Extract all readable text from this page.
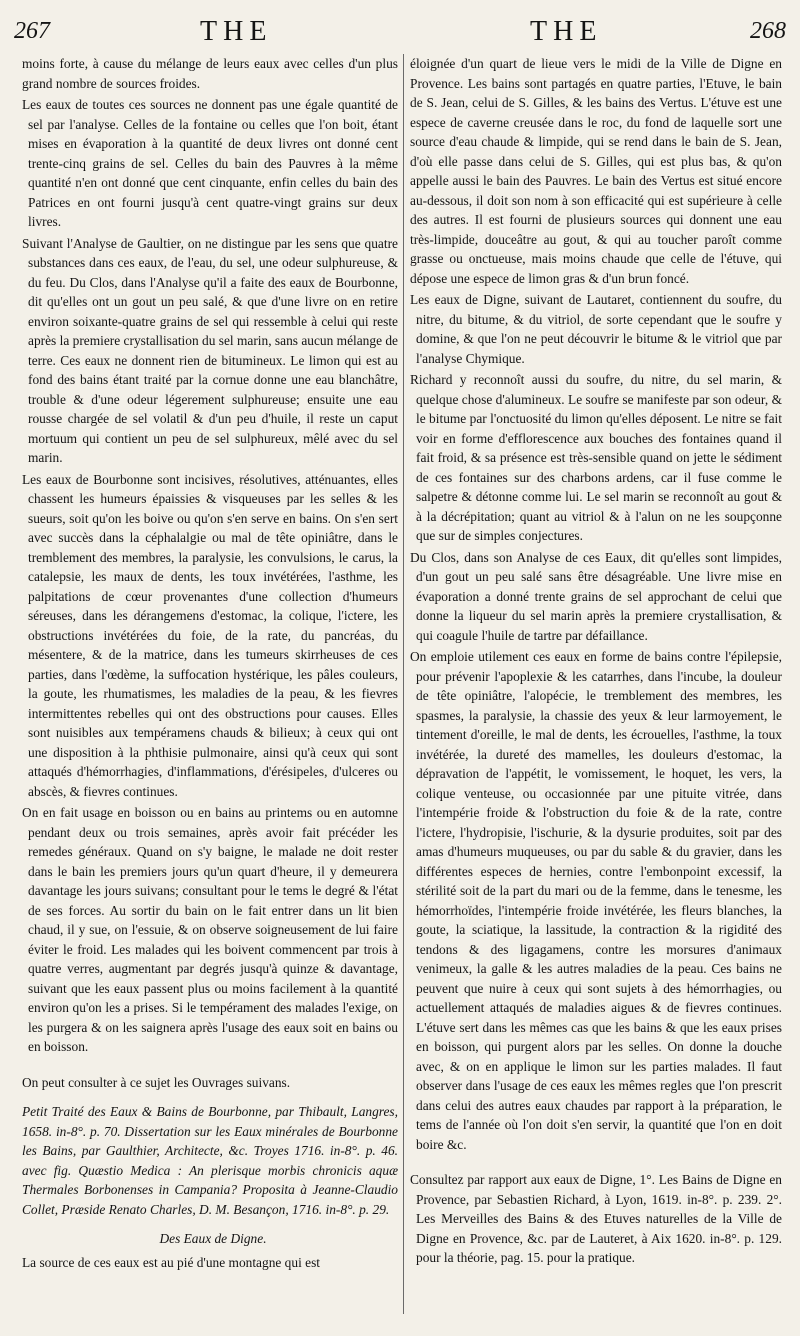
267	THE	THE	268

moins forte, à cause du mélange de leurs eaux avec celles d'un plus grand nombre de sources froides.

Les eaux de toutes ces sources ne donnent pas une égale quantité de sel par l'analyse. Celles de la fontaine ou celles que l'on boit, étant mises en évaporation à la quantité de deux livres ont donné cent trente-cinq grains de sel. Celles du bain des Pauvres à la même quantité n'en ont donné que cent cinquante, enfin celles du bain des Patrices en ont fourni jusqu'à cent quatre-vingt grains sur deux livres.

Suivant l'Analyse de Gaultier, on ne distingue par les sens que quatre substances dans ces eaux, de l'eau, du sel, une odeur sulphureuse, & du feu. Du Clos, dans l'Analyse qu'il a faite des eaux de Bourbonne, dit qu'elles ont un gout un peu salé, & que d'une livre on en retire environ soixante-quatre grains de sel qui ressemble à celui qui reste après la premiere crystallisation du sel marin, sans aucun mélange de terre. Ces eaux ne donnent rien de bitumineux. Le limon qui est au fond des bains étant traité par la cornue donne une eau blanchâtre, trouble & d'une odeur légerement sulphureuse; ensuite une eau rousse chargée de sel volatil & d'un peu d'huile, il reste un caput mortuum qui contient un peu de sel sulphureux, mêlé avec du sel marin.

Les eaux de Bourbonne sont incisives, résolutives, atténuantes, elles chassent les humeurs épaissies & visqueuses par les selles & les sueurs, soit qu'on les boive ou qu'on s'en serve en bains. On s'en sert avec succès dans la céphalalgie ou mal de tête opiniâtre, dans le tremblement des membres, la paralysie, les convulsions, le carus, la catalepsie, les maux de dents, les toux invétérées, l'asthme, les palpitations de cœur provenantes d'une collection d'humeurs séreuses, dans les dérangemens d'estomac, la colique, l'ictere, les obstructions invétérées du foie, de la rate, du pancréas, du mésentere, & de la matrice, dans les tumeurs skirrheuses de ces parties, dans l'œdème, la suffocation hystérique, les pâles couleurs, la goute, les rhumatismes, les maladies de la peau, & les fievres intermittentes rebelles qui ont des obstructions pour causes. Elles sont nuisibles aux tempéramens chauds & bilieux; à ceux qui ont une disposition à la phthisie pulmonaire, ainsi qu'à ceux qui sont attaqués d'hémorrhagies, d'inflammations, d'érésipeles, d'ulceres ou abscès, & fievres continues.

On en fait usage en boisson ou en bains au printems ou en automne pendant deux ou trois semaines, après avoir fait précéder les remedes généraux. Quand on s'y baigne, le malade ne doit rester dans le bain les premiers jours qu'un quart d'heure, il y demeurera davantage les jours suivans; consultant pour le tems le degré & l'état de ses forces. Au sortir du bain on le fait entrer dans un lit bien chaud, il y sue, on l'essuie, & on observe soigneusement de lui faire éviter le froid. Les malades qui les boivent commencent par trois à quatre verres, augmentant par degrés jusqu'à quinze & davantage, suivant que les eaux passent plus ou moins facilement à la quantité environ qu'on les a prises. Si le tempérament des malades l'exige, on les purgera & on les saignera après l'usage des eaux soit en bains ou en boisson.

On peut consulter à ce sujet les Ouvrages suivans.

Petit Traité des Eaux & Bains de Bourbonne, par Thibault, Langres, 1658. in-8°. p. 70. Dissertation sur les Eaux minérales de Bourbonne les Bains, par Gaulthier, Architecte, &c. Troyes 1716. in-8°. p. 46. avec fig. Quæstio Medica : An plerisque morbis chronicis aquæ Thermales Borbonenses in Campania? Proposita à Jeanne-Claudio Collet, Præside Renato Charles, D. M. Besançon, 1716. in-8°. p. 29.

Des Eaux de Digne.

La source de ces eaux est au pié d'une montagne qui est

éloignée d'un quart de lieue vers le midi de la Ville de Digne en Provence. Les bains sont partagés en quatre parties, l'Etuve, le bain de S. Jean, celui de S. Gilles, & les bains des Vertus. L'étuve est une espece de caverne creusée dans le roc, du fond de laquelle sort une source d'eau chaude & limpide, qui se rend dans le bain de S. Jean, d'où elle passe dans celui de S. Gilles, qui est plus bas, & qu'on appelle aussi le bain des Pauvres. Le bain des Vertus est situé encore au-dessous, il doit son nom à son efficacité qui est supérieure à celle des autres. Il est fourni de plusieurs sources qui donnent une eau très-limpide, douceâtre au gout, & qui au toucher paroît comme grasse ou onctueuse, mais moins chaude que celle de l'étuve, qui dépose une espece de limon gras & d'un brun foncé.

Les eaux de Digne, suivant de Lautaret, contiennent du soufre, du nitre, du bitume, & du vitriol, de sorte cependant que le soufre y domine, & que l'on ne peut découvrir le bitume & le vitriol que par l'analyse Chymique.

Richard y reconnoît aussi du soufre, du nitre, du sel marin, & quelque chose d'alumineux. Le soufre se manifeste par son odeur, & le bitume par l'onctuosité du limon qu'elles déposent. Le nitre se fait voir en forme d'efflorescence aux bouches des fontaines quand il fait froid, & sa présence est très-sensible quand on jette le sédiment de ces fontaines sur des charbons ardens, car il fuse comme le salpetre & détonne comme lui. Le sel marin se reconnoît au gout & à la décrépitation; quant au vitriol & à l'alun on ne les soupçonne que sur de simples conjectures.

Du Clos, dans son Analyse de ces Eaux, dit qu'elles sont limpides, d'un gout un peu salé sans être désagréable. Une livre mise en évaporation a donné trente grains de sel approchant de celui que donne la liqueur du sel marin après la premiere crystallisation, & qui coagule l'huile de tartre par défaillance.

On emploie utilement ces eaux en forme de bains contre l'épilepsie, pour prévenir l'apoplexie & les catarrhes, dans l'incube, la douleur de tête opiniâtre, l'alopécie, le tremblement des membres, les spasmes, la paralysie, la chassie des yeux & leur larmoyement, le tintement d'oreille, le mal de dents, les écrouelles, l'asthme, la toux invétérée, la dureté des mamelles, les douleurs d'estomac, la dépravation de l'appétit, le vomissement, le hoquet, les vers, la colique venteuse, ou occasionnée par une pituite vitrée, dans l'intempérie froide & l'obstruction du foie & de la rate, contre l'ictere, l'hydropisie, l'ischurie, & la dysurie produites, soit par des amas d'humeurs muqueuses, ou par du sable & du gravier, dans les différentes especes de hernies, contre l'embonpoint excessif, la stérilité soit de la part du mari ou de la femme, dans le tenesme, les hémorrhoïdes, l'intempérie froide invétérée, les fleurs blanches, la goute, la sciatique, la lassitude, la contraction & la rigidité des tendons & des ligagamens, contre les morsures d'animaux venimeux, la galle & les autres maladies de la peau. Ces bains ne peuvent que nuire à ceux qui sont sujets à des hémorrhagies, ou actuellement attaqués de maladies aigues & de fievres continues. L'étuve sert dans les mêmes cas que les bains & que les eaux prises en boisson, qui purgent alors par les selles. On donne la douche avec, & on en applique le limon sur les parties malades. Il faut observer dans l'usage de ces eaux les mêmes regles que l'on prescrit dans celui des autres eaux chaudes par rapport à la préparation, le tems de l'année où l'on doit s'en servir, la quantité que l'on en doit boire &c.

Consultez par rapport aux eaux de Digne, 1°. Les Bains de Digne en Provence, par Sebastien Richard, à Lyon, 1619. in-8°. p. 239. 2°. Les Merveilles des Bains & des Etuves naturelles de la Ville de Digne en Provence, &c. par de Lauteret, à Aix 1620. in-8°. p. 129. pour la théorie, pag. 15. pour la pratique.
